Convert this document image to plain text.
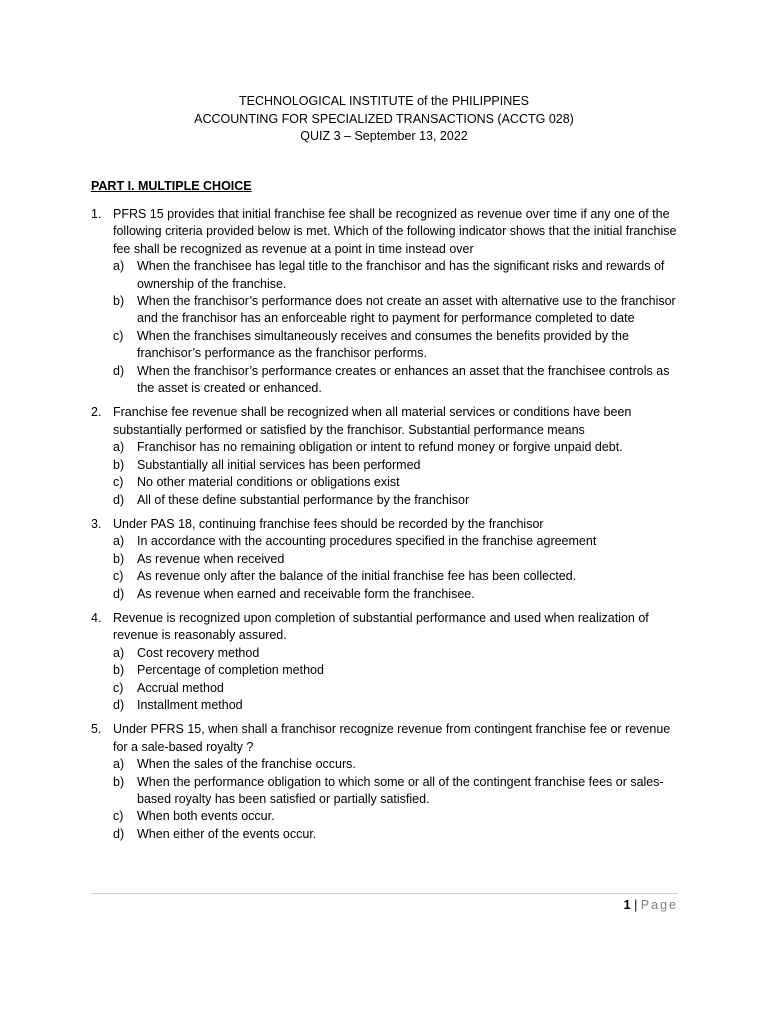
TECHNOLOGICAL INSTITUTE of the PHILIPPINES
ACCOUNTING FOR SPECIALIZED TRANSACTIONS (ACCTG 028)
QUIZ 3 – September 13, 2022
PART I. MULTIPLE CHOICE
1. PFRS 15 provides that initial franchise fee shall be recognized as revenue over time if any one of the following criteria provided below is met. Which of the following indicator shows that the initial franchise fee shall be recognized as revenue at a point in time instead over
a)	When the franchisee has legal title to the franchisor and has the significant risks and rewards of ownership of the franchise.
b)	When the franchisor’s performance does not create an asset with alternative use to the franchisor and the franchisor has an enforceable right to payment for performance completed to date
c)	When the franchises simultaneously receives and consumes the benefits provided by the franchisor’s performance as the franchisor performs.
d)	When the franchisor’s performance creates or enhances an asset that the franchisee controls as the asset is created or enhanced.
2. Franchise fee revenue shall be recognized when all material services or conditions have been substantially performed or satisfied by the franchisor. Substantial performance means
a)	Franchisor has no remaining obligation or intent to refund money or forgive unpaid debt.
b)	Substantially all initial services has been performed
c)	No other material conditions or obligations exist
d)	All of these define substantial performance by the franchisor
3. Under PAS 18, continuing franchise fees should be recorded by the franchisor
a)	In accordance with the accounting procedures specified in the franchise agreement
b)	As revenue when received
c)	As revenue only after the balance of the initial franchise fee has been collected.
d)	As revenue when earned and receivable form the franchisee.
4. Revenue is recognized upon completion of substantial performance and used when realization of revenue is reasonably assured.
a)	Cost recovery method
b)	Percentage of completion method
c)	Accrual method
d)	Installment method
5. Under PFRS 15, when shall a franchisor recognize revenue from contingent franchise fee or revenue for a sale-based royalty ?
a)	When the sales of the franchise occurs.
b)	When the performance obligation to which some or all of the contingent franchise fees or sales-based royalty has been satisfied or partially satisfied.
c)	When both events occur.
d)	When either of the events occur.
1 | Page
